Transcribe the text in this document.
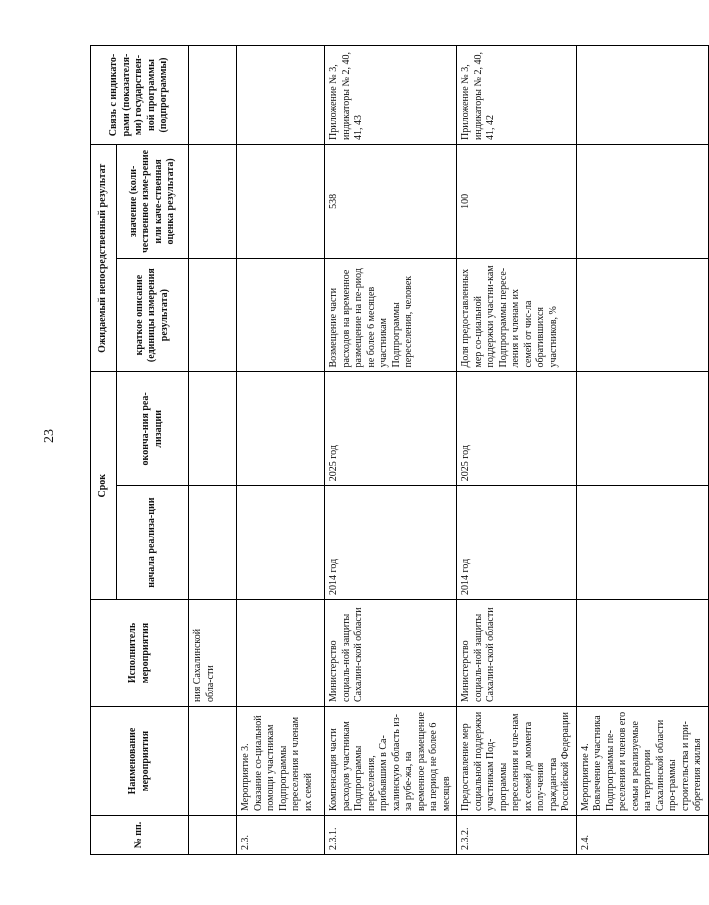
23
№ пп.	Наименование мероприятия	Исполнитель мероприятия	Срок		Ожидаемый непосредственный результат		Связь с индикато-рами (показателя-ми) государствен-ной программы (подпрограммы)
			начала реализа-ции	оконча-ния реа-лизации	краткое описание (единицы измерения результата)	значение (коли-чественное изме-рение или каче-ственная оценка результата)	
		ния Сахалинской обла-сти					
2.3.	Мероприятие 3. Оказание со-циальной помощи участникам Подпрограммы переселения и членам их семей						
2.3.1.	Компенсация части расходов участникам Подпрограммы переселения, прибывшим в Са-халинскую область из-за рубе-жа, на временное размещение на период не более 6 месяцев	Министерство социаль-ной защиты Сахалин-ской области	2014 год	2025 год	Возмещение части расходов на временное размещение на пе-риод не более 6 месяцев участникам Подпрограммы переселения, человек	538	Приложение № 3, индикаторы № 2, 40, 41, 43
2.3.2.	Предоставление мер социальной поддержки участникам Под-программы переселения и чле-нам их семей до момента полу-чения гражданства Российской Федерации	Министерство социаль-ной защиты Сахалин-ской области	2014 год	2025 год	Доля предоставленных мер со-циальной поддержки участни-кам Подпрограммы пересе-ления и членам их семей от чис-ла обратившихся участников, %	100	Приложение № 3, индикаторы № 2, 40, 41, 42
2.4.	Мероприятие 4. Вовлечение участника Подпрограммы пе-реселения и членов его семьи в реализуемые на территории Сахалинской области про-граммы строительства и при-обретения жилья						
